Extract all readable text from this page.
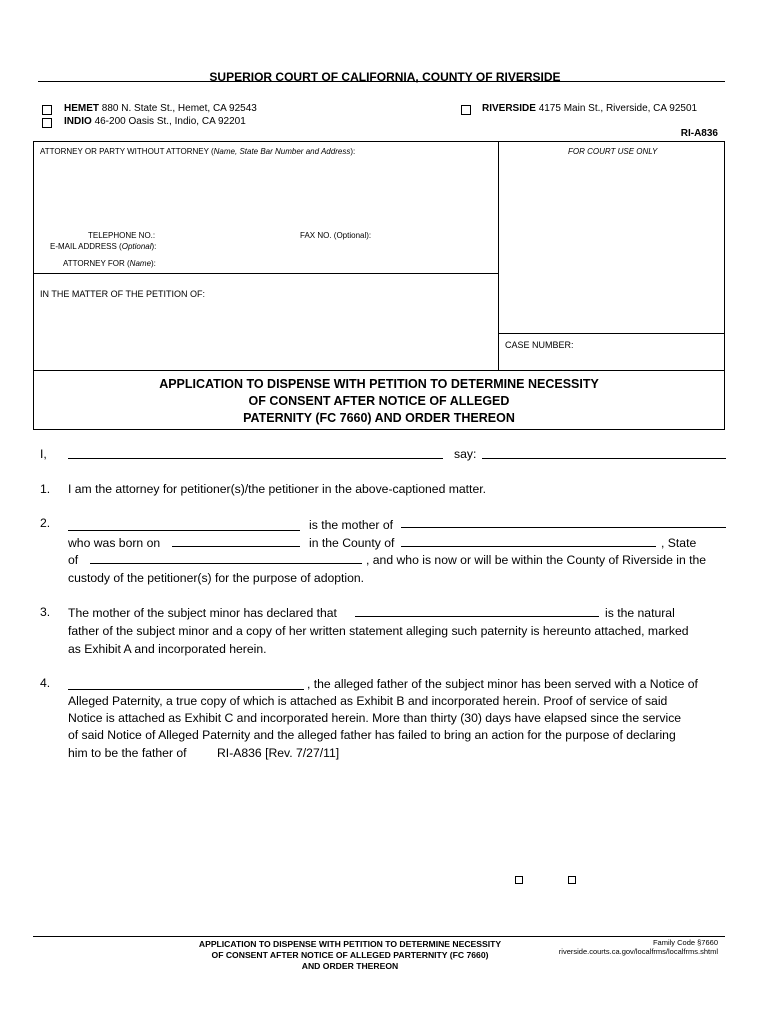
SUPERIOR COURT OF CALIFORNIA, COUNTY OF RIVERSIDE
HEMET 880 N. State St., Hemet, CA 92543
INDIO 46-200 Oasis St., Indio, CA 92201
RIVERSIDE 4175 Main St., Riverside, CA 92501
RI-A836
ATTORNEY OR PARTY WITHOUT ATTORNEY (Name, State Bar Number and Address):	FOR COURT USE ONLY
TELEPHONE NO.:	FAX NO. (Optional):
E-MAIL ADDRESS (Optional):
ATTORNEY FOR (Name):
IN THE MATTER OF THE PETITION OF:
CASE NUMBER:
APPLICATION TO DISPENSE WITH PETITION TO DETERMINE NECESSITY
OF CONSENT AFTER NOTICE OF ALLEGED
PATERNITY (FC 7660) AND ORDER THEREON
I,	say:
1. I am the attorney for petitioner(s)/the petitioner in the above-captioned matter.
2.	is the mother of
who was born on	in the County of	, State
of	, and who is now or will be within the County of Riverside in the
custody of the petitioner(s) for the purpose of adoption.
3. The mother of the subject minor has declared that	is the natural
father of the subject minor and a copy of her written statement alleging such paternity is hereunto attached, marked
as Exhibit A and incorporated herein.
4.	, the alleged father of the subject minor has been served with a Notice of
Alleged Paternity, a true copy of which is attached as Exhibit B and incorporated herein. Proof of service of said
Notice is attached as Exhibit C and incorporated herein. More than thirty (30) days have elapsed since the service
of said Notice of Alleged Paternity and the alleged father has failed to bring an action for the purpose of declaring
him to be the father of RI-A836 [Rev. 7/27/11]
APPLICATION TO DISPENSE WITH PETITION TO DETERMINE NECESSITY
OF CONSENT AFTER NOTICE OF ALLEGED PARTERNITY (FC 7660)
AND ORDER THEREON
Family Code §7660
riverside.courts.ca.gov/localfrms/localfrms.shtml
